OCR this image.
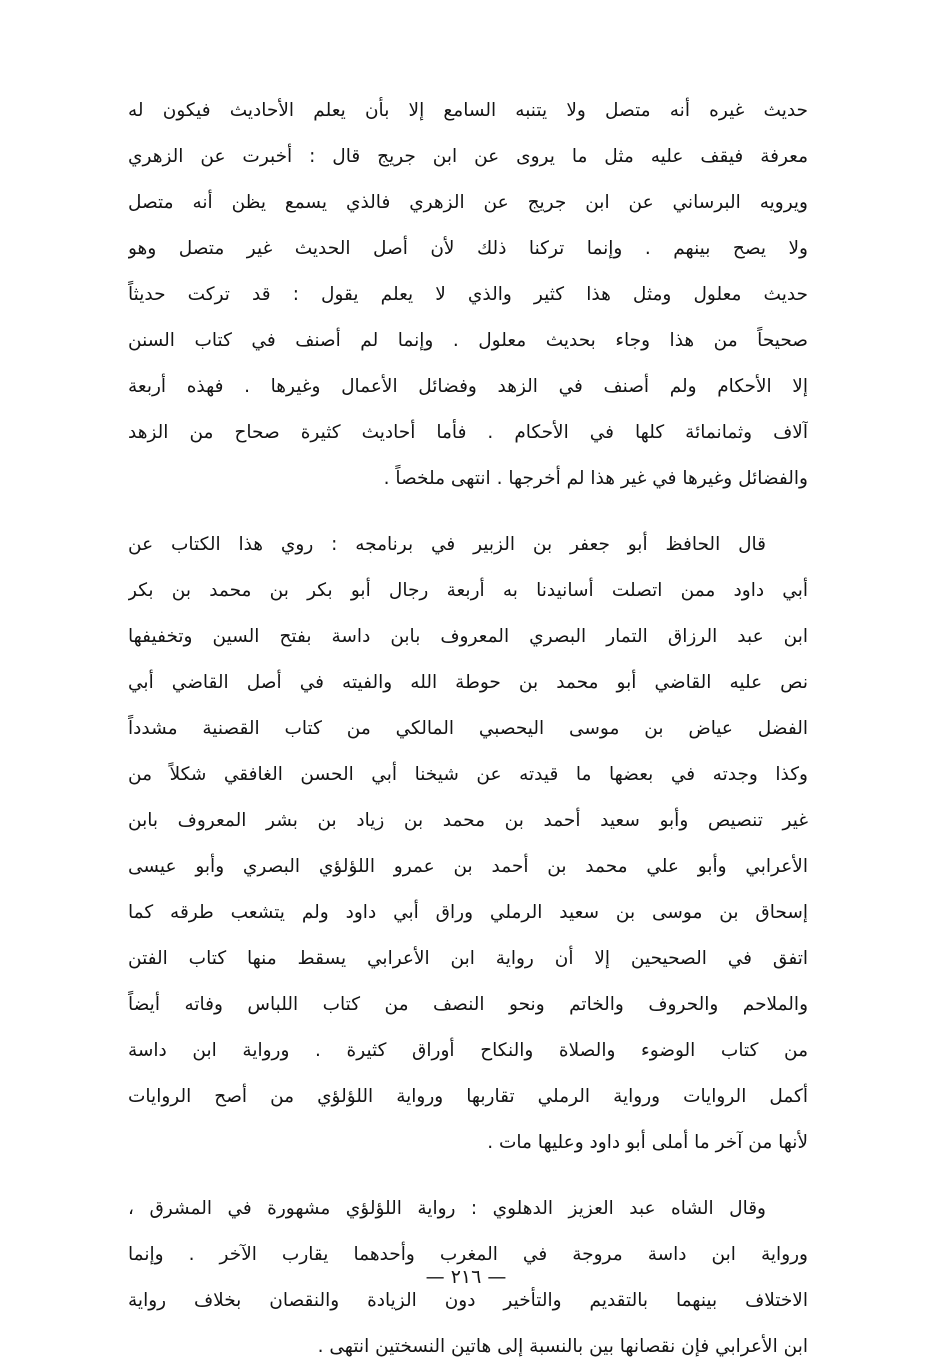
حديث غيره أنه متصل ولا يتنبه السامع إلا بأن يعلم الأحاديث فيكون له
معرفة فيقف عليه مثل ما يروى عن ابن جريج قال : أخبرت عن الزهري
ويرويه البرساني عن ابن جريج عن الزهري فالذي يسمع يظن أنه متصل
ولا يصح بينهم . وإنما تركنا ذلك لأن أصل الحديث غير متصل وهو
حديث معلول ومثل هذا كثير والذي لا يعلم يقول : قد تركت حديثاً
صحيحاً من هذا وجاء بحديث معلول . وإنما لم أصنف في كتاب السنن
إلا الأحكام ولم أصنف في الزهد وفضائل الأعمال وغيرها . فهذه أربعة
آلاف وثمانمائة كلها في الأحكام . فأما أحاديث كثيرة صحاح من الزهد
والفضائل وغيرها في غير هذا لم أخرجها . انتهى ملخصاً .
قال الحافظ أبو جعفر بن الزبير في برنامجه : روي هذا الكتاب عن
أبي داود ممن اتصلت أسانيدنا به أربعة رجال أبو بكر بن محمد بن بكر
ابن عبد الرزاق التمار البصري المعروف بابن داسة بفتح السين وتخفيفها
نص عليه القاضي أبو محمد بن حوطة الله والفيته في أصل القاضي أبي
الفضل عياض بن موسى اليحصبي المالكي من كتاب القصنية مشدداً
وكذا وجدته في بعضها ما قيدته عن شيخنا أبي الحسن الغافقي شكلاً من
غير تنصيص وأبو سعيد أحمد بن محمد بن زياد بن بشر المعروف بابن
الأعرابي وأبو علي محمد بن أحمد بن عمرو اللؤلؤي البصري وأبو عيسى
إسحاق بن موسى بن سعيد الرملي وراق أبي داود ولم يتشعب طرقه كما
اتفق في الصحيحين إلا أن رواية ابن الأعرابي يسقط منها كتاب الفتن
والملاحم والحروف والخاتم ونحو النصف من كتاب اللباس وفاته أيضاً
من كتاب الوضوء والصلاة والنكاح أوراق كثيرة . ورواية ابن داسة
أكمل الروايات ورواية الرملي تقاربها ورواية اللؤلؤي من أصح الروايات
لأنها من آخر ما أملى أبو داود وعليها مات .
وقال الشاه عبد العزيز الدهلوي : رواية اللؤلؤي مشهورة في المشرق ،
ورواية ابن داسة مروجة في المغرب وأحدهما يقارب الآخر . وإنما
الاختلاف بينهما بالتقديم والتأخير دون الزيادة والنقصان بخلاف رواية
ابن الأعرابي فإن نقصانها بين بالنسبة إلى هاتين النسختين انتهى .
— ٢١٦ —
